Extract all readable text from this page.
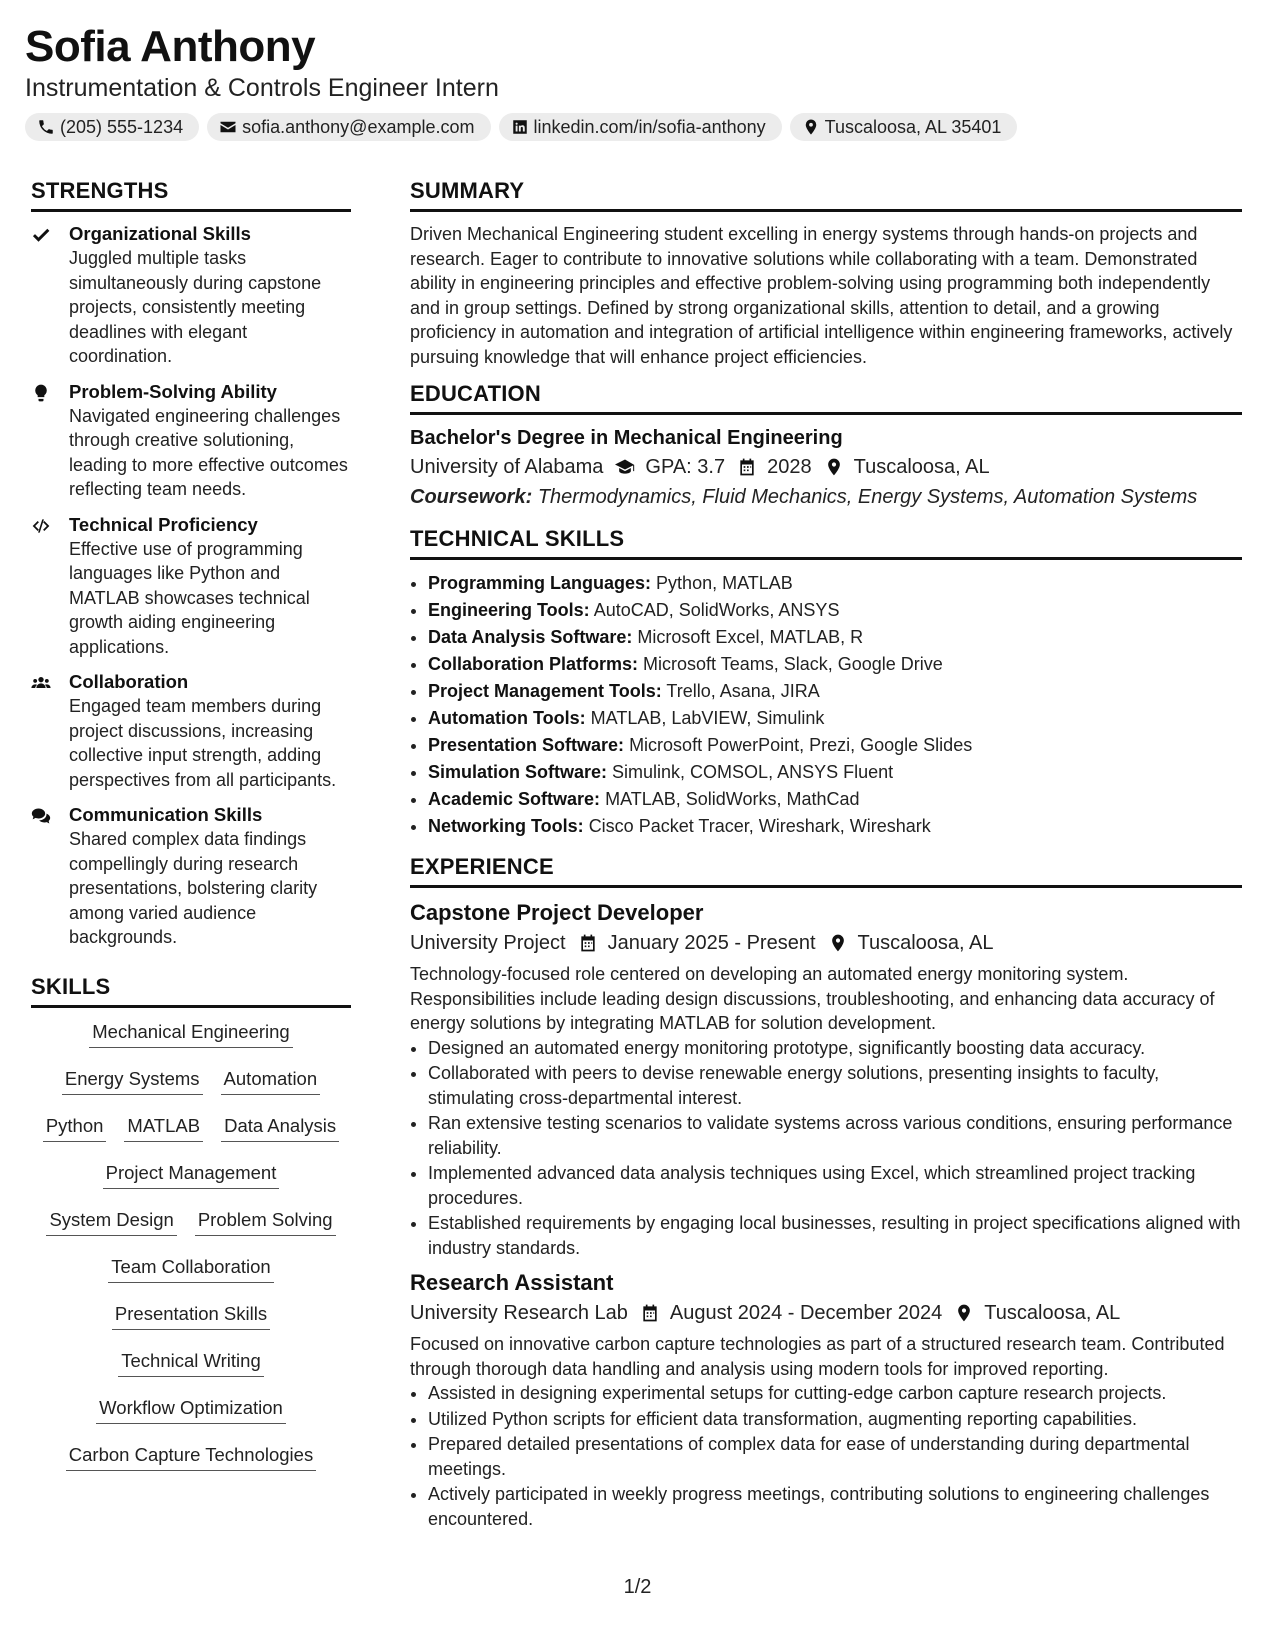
Sofia Anthony
Instrumentation & Controls Engineer Intern
(205) 555-1234	sofia.anthony@example.com	linkedin.com/in/sofia-anthony	Tuscaloosa, AL 35401
STRENGTHS
Organizational Skills
Juggled multiple tasks simultaneously during capstone projects, consistently meeting deadlines with elegant coordination.
Problem-Solving Ability
Navigated engineering challenges through creative solutioning, leading to more effective outcomes reflecting team needs.
Technical Proficiency
Effective use of programming languages like Python and MATLAB showcases technical growth aiding engineering applications.
Collaboration
Engaged team members during project discussions, increasing collective input strength, adding perspectives from all participants.
Communication Skills
Shared complex data findings compellingly during research presentations, bolstering clarity among varied audience backgrounds.
SKILLS
Mechanical Engineering
Energy Systems Automation
Python MATLAB Data Analysis
Project Management
System Design Problem Solving
Team Collaboration
Presentation Skills
Technical Writing
Workflow Optimization
Carbon Capture Technologies
SUMMARY
Driven Mechanical Engineering student excelling in energy systems through hands-on projects and research. Eager to contribute to innovative solutions while collaborating with a team. Demonstrated ability in engineering principles and effective problem-solving using programming both independently and in group settings. Defined by strong organizational skills, attention to detail, and a growing proficiency in automation and integration of artificial intelligence within engineering frameworks, actively pursuing knowledge that will enhance project efficiencies.
EDUCATION
Bachelor's Degree in Mechanical Engineering
University of Alabama GPA: 3.7 2028 Tuscaloosa, AL
Coursework: Thermodynamics, Fluid Mechanics, Energy Systems, Automation Systems
TECHNICAL SKILLS
• Programming Languages: Python, MATLAB
• Engineering Tools: AutoCAD, SolidWorks, ANSYS
• Data Analysis Software: Microsoft Excel, MATLAB, R
• Collaboration Platforms: Microsoft Teams, Slack, Google Drive
• Project Management Tools: Trello, Asana, JIRA
• Automation Tools: MATLAB, LabVIEW, Simulink
• Presentation Software: Microsoft PowerPoint, Prezi, Google Slides
• Simulation Software: Simulink, COMSOL, ANSYS Fluent
• Academic Software: MATLAB, SolidWorks, MathCad
• Networking Tools: Cisco Packet Tracer, Wireshark, Wireshark
EXPERIENCE
Capstone Project Developer
University Project January 2025 - Present Tuscaloosa, AL
Technology-focused role centered on developing an automated energy monitoring system. Responsibilities include leading design discussions, troubleshooting, and enhancing data accuracy of energy solutions by integrating MATLAB for solution development.
• Designed an automated energy monitoring prototype, significantly boosting data accuracy.
• Collaborated with peers to devise renewable energy solutions, presenting insights to faculty, stimulating cross-departmental interest.
• Ran extensive testing scenarios to validate systems across various conditions, ensuring performance reliability.
• Implemented advanced data analysis techniques using Excel, which streamlined project tracking procedures.
• Established requirements by engaging local businesses, resulting in project specifications aligned with industry standards.
Research Assistant
University Research Lab August 2024 - December 2024 Tuscaloosa, AL
Focused on innovative carbon capture technologies as part of a structured research team. Contributed through thorough data handling and analysis using modern tools for improved reporting.
• Assisted in designing experimental setups for cutting-edge carbon capture research projects.
• Utilized Python scripts for efficient data transformation, augmenting reporting capabilities.
• Prepared detailed presentations of complex data for ease of understanding during departmental meetings.
• Actively participated in weekly progress meetings, contributing solutions to engineering challenges encountered.
1/2
